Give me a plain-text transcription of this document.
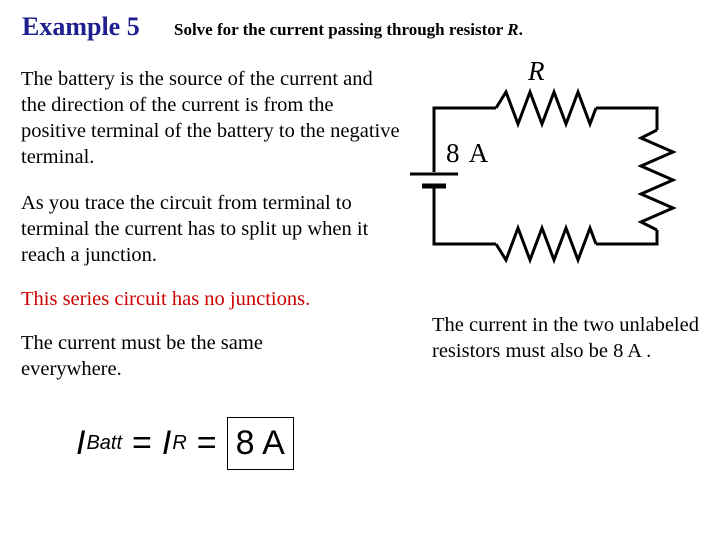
Example 5 Solve for the current passing through resistor R.
The battery is the source of the current and the direction of the current is from the positive terminal of the battery to the negative terminal.
As you trace the circuit from terminal to terminal the current has to split up when it reach a junction.
This series circuit has no junctions.
The current must be the same everywhere.
The current in the two unlabeled resistors must also be 8 A .
R
8 A
I Batt = I R = 8 A
